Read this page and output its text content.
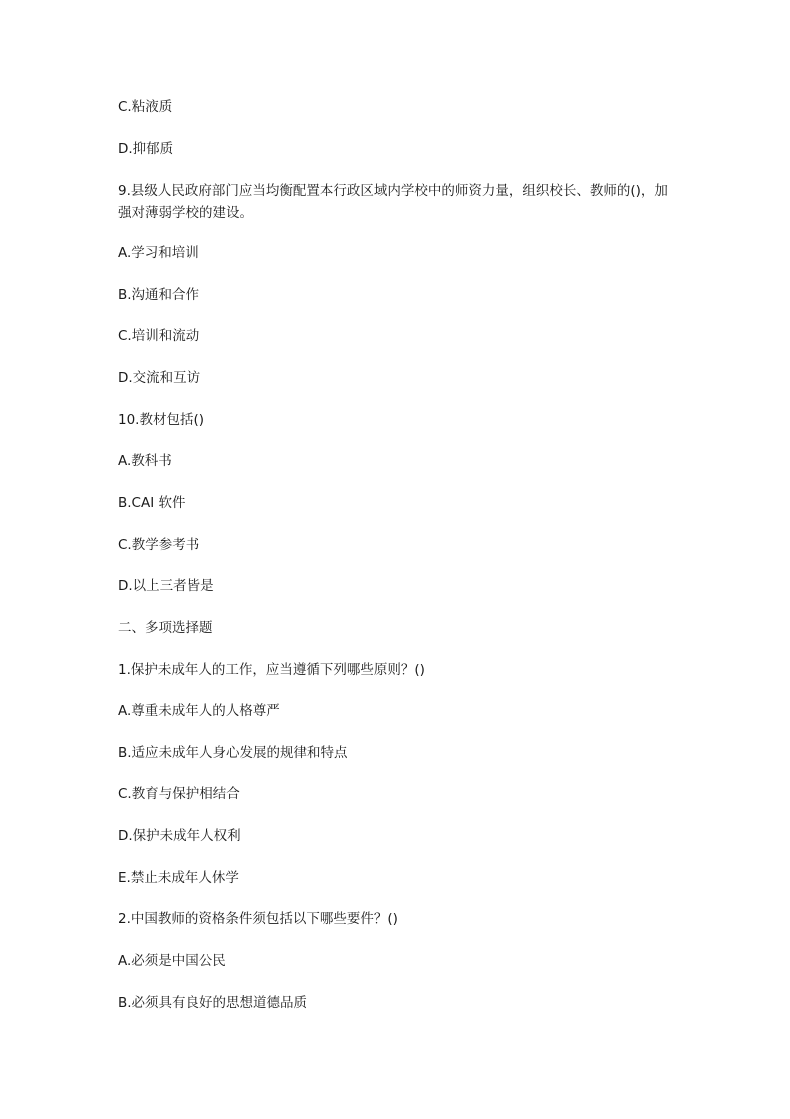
C.粘液质
D.抑郁质
9.县级人民政府部门应当均衡配置本行政区域内学校中的师资力量，组织校长、教师的()，加强对薄弱学校的建设。
A.学习和培训
B.沟通和合作
C.培训和流动
D.交流和互访
10.教材包括()
A.教科书
B.CAI 软件
C.教学参考书
D.以上三者皆是
二、多项选择题
1.保护未成年人的工作，应当遵循下列哪些原则？()
A.尊重未成年人的人格尊严
B.适应未成年人身心发展的规律和特点
C.教育与保护相结合
D.保护未成年人权利
E.禁止未成年人休学
2.中国教师的资格条件须包括以下哪些要件？()
A.必须是中国公民
B.必须具有良好的思想道德品质
